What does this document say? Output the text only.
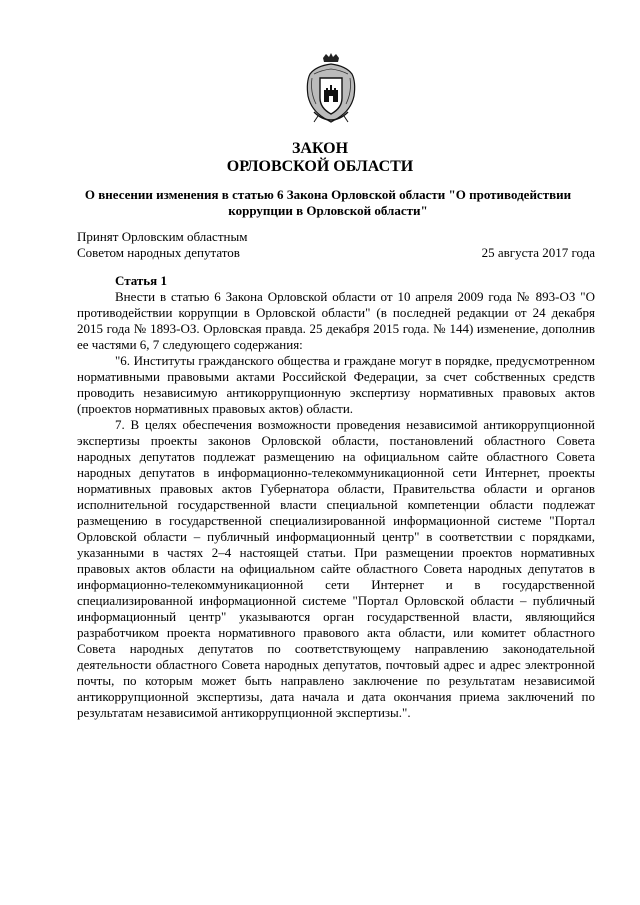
ЗАКОН
ОРЛОВСКОЙ ОБЛАСТИ
О внесении изменения в статью 6 Закона Орловской области "О противодействии коррупции в Орловской области"
Принят Орловским областным
Советом народных депутатов	25 августа 2017 года

Статья 1

Внести в статью 6 Закона Орловской области от 10 апреля 2009 года № 893-ОЗ "О противодействии коррупции в Орловской области" (в последней редакции от 24 декабря 2015 года № 1893-ОЗ. Орловская правда. 25 декабря 2015 года. № 144) изменение, дополнив ее частями 6, 7 следующего содержания:

"6. Институты гражданского общества и граждане могут в порядке, предусмотренном нормативными правовыми актами Российской Федерации, за счет собственных средств проводить независимую антикоррупционную экспертизу нормативных правовых актов (проектов нормативных правовых актов) области.

7. В целях обеспечения возможности проведения независимой антикоррупционной экспертизы проекты законов Орловской области, постановлений областного Совета народных депутатов подлежат размещению на официальном сайте областного Совета народных депутатов в информационно-телекоммуникационной сети Интернет, проекты нормативных правовых актов Губернатора области, Правительства области и органов исполнительной государственной власти специальной компетенции области подлежат размещению в государственной специализированной информационной системе "Портал Орловской области – публичный информационный центр" в соответствии с порядками, указанными в частях 2–4 настоящей статьи. При размещении проектов нормативных правовых актов области на официальном сайте областного Совета народных депутатов в информационно-телекоммуникационной сети Интернет и в государственной специализированной информационной системе "Портал Орловской области – публичный информационный центр" указываются орган государственной власти, являющийся разработчиком проекта нормативного правового акта области, или комитет областного Совета народных депутатов по соответствующему направлению законодательной деятельности областного Совета народных депутатов, почтовый адрес и адрес электронной почты, по которым может быть направлено заключение по результатам независимой антикоррупционной экспертизы, дата начала и дата окончания приема заключений по результатам независимой антикоррупционной экспертизы.".
